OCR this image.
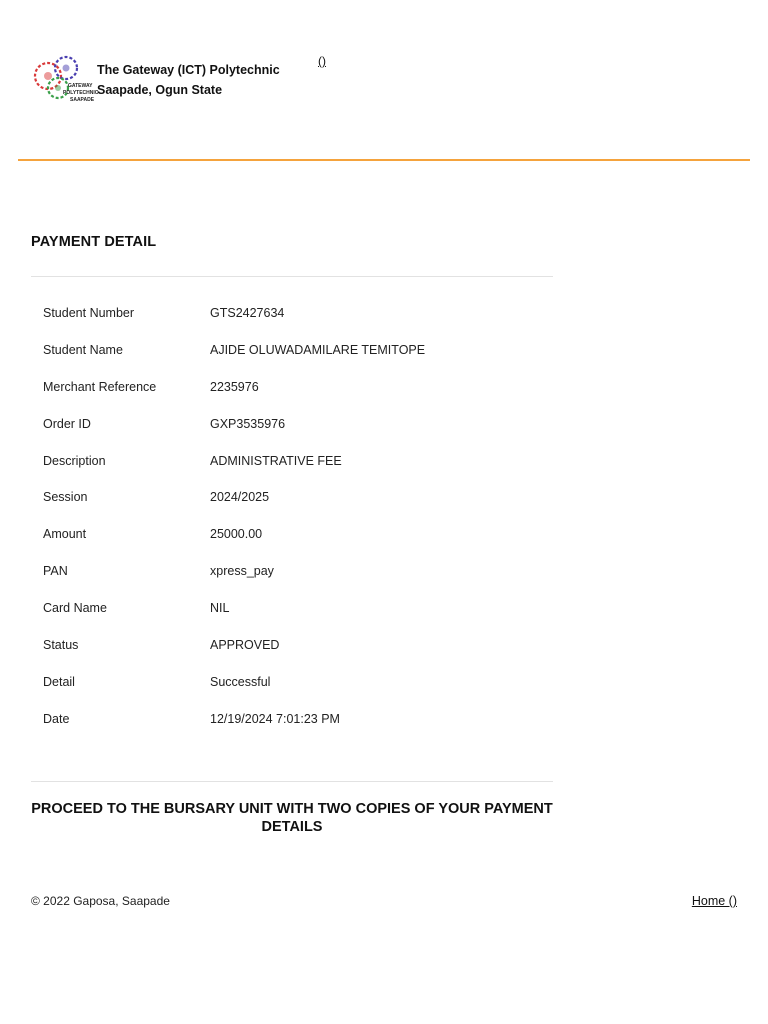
GATEWAY
POLYTECHNIC
SAAPADE
The Gateway (ICT) Polytechnic
Saapade, Ogun State
()
PAYMENT DETAIL
Student Number	GTS2427634
Student Name	AJIDE OLUWADAMILARE TEMITOPE
Merchant Reference	2235976
Order ID	GXP3535976
Description	ADMINISTRATIVE FEE
Session	2024/2025
Amount	25000.00
PAN	xpress_pay
Card Name	NIL
Status	APPROVED
Detail	Successful
Date	12/19/2024 7:01:23 PM
PROCEED TO THE BURSARY UNIT WITH TWO COPIES OF YOUR PAYMENT DETAILS
© 2022 Gaposa, Saapade	Home ()
